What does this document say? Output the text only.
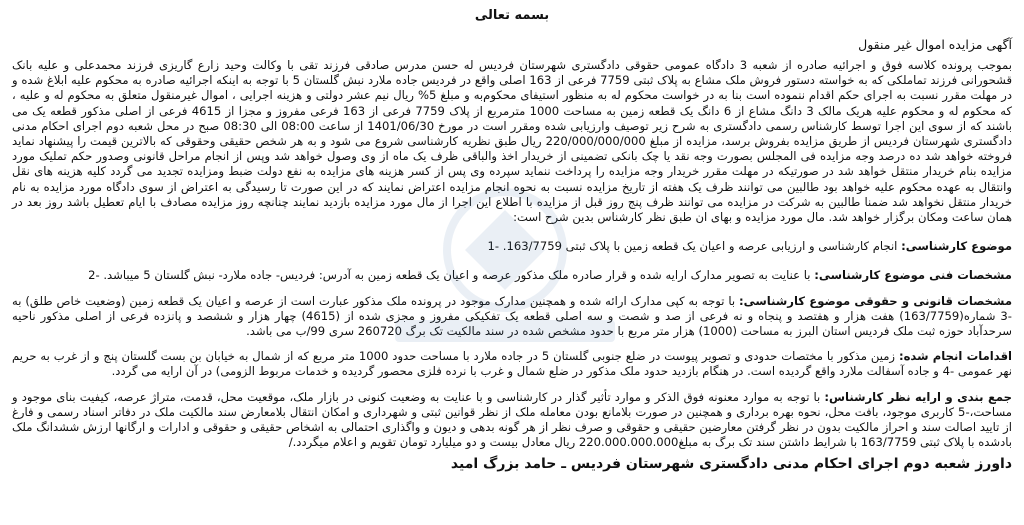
بسمه تعالی
آگهی مزایده اموال غیر منقول

بموجب پرونده کلاسه فوق و اجرائیه صادره از شعبه 3 دادگاه عمومی حقوقی دادگستری شهرستان فردیس له حسن مدرس صادقی فرزند تقی با وکالت وحید زارع گاریزی فرزند محمدعلی و علیه بانک قشحورانی فرزند تماملکی که به خواسته دستور فروش ملک مشاع به پلاک ثبتی 7759 فرعی از 163 اصلی واقع در فردیس جاده ملارد نبش گلستان 5 با توجه به اینکه اجرائیه صادره به محکوم علیه ابلاغ شده و در مهلت مقرر نسبت به اجرای حکم اقدام ننموده است بنا به در خواست محکوم له به منظور استیفای محکوم‌به و مبلغ 5% ریال نیم عشر دولتی و هزینه اجرایی ، اموال غیرمنقول متعلق به محکوم له و علیه ، که محکوم له و محکوم علیه هریک مالک 3 دانگ مشاع از 6 دانگ یک قطعه زمین به مساحت 1000 مترمربع از پلاک 7759 فرعی از 163 فرعی مفروز و مجزا از 4615 فرعی از اصلی مذکور قطعه یک می باشند که از سوی این اجرا توسط کارشناس رسمی دادگستری به شرح زیر توصیف وارزیابی شده ومقرر است در مورخ 1401/06/30 از ساعت 08:00 الی 08:30 صبح در محل شعبه دوم اجرای احکام مدنی دادگستری شهرستان فردیس از طریق مزایده بفروش برسد، مزایده از مبلغ 220/000/000/000 ریال طبق نظریه کارشناسی شروع می شود و به هر شخص حقیقی وحقوقی که بالاترین قیمت را پیشنهاد نماید فروخته خواهد شد ده درصد وجه مزایده فی المجلس بصورت وجه نقد یا چک بانکی تضمینی از خریدار اخذ والباقی ظرف یک ماه از وی وصول خواهد شد وپس از انجام مراحل قانونی وصدور حکم تملیک مورد مزایده بنام خریدار منتقل خواهد شد در صورتیکه در مهلت مقرر خریدار وجه مزایده را پرداخت ننماید سپرده وی پس از کسر هزینه های مزایده به نفع دولت ضبط ومزایده تجدید می گردد کلیه هزینه های نقل وانتقال به عهده محکوم علیه خواهد بود طالبین می توانند ظرف یک هفته از تاریخ مزایده نسبت به نحوه انجام مزایده اعتراض نمایند که در این صورت تا رسیدگی به اعتراض از سوی دادگاه مورد مزایده به نام خریدار منتقل نخواهد شد ضمنا طالبین به شرکت در مزایده می توانند ظرف پنج روز قبل از مزایده با اطلاع این اجرا از مال مورد مزایده بازدید نمایند چنانچه روز مزایده مصادف با ایام تعطیل باشد روز بعد در همان ساعت ومکان برگزار خواهد شد. مال مورد مزایده و بهای ان طبق نظر کارشناس بدین شرح است:

موضوع کارشناسی: انجام کارشناسی و ارزیابی عرصه و اعیان یک قطعه زمین با پلاک ثبتی 163/7759. -1

مشخصات فنی موضوع کارشناسی: با عنایت به تصویر مدارک ارایه شده و قرار صادره ملک مذکور عرصه و اعیان یک قطعه زمین به آدرس: فردیس- جاده ملارد- نبش گلستان 5 میباشد. -2

مشخصات قانونی و حقوقی موضوع کارشناسی: با توجه به کپی مدارک ارائه شده و همچنین مدارک موجود در پرونده ملک مذکور عبارت است از عرصه و اعیان یک قطعه زمین (وضعیت خاص طلق) به -3 شماره(163/7759) هفت هزار و هفتصد و پنجاه و نه فرعی از صد و شصت و سه اصلی قطعه یک تفکیکی مفروز و مجزی شده از (4615) چهار هزار و ششصد و پانزده فرعی از اصلی مذکور ناحیه سرحدآباد حوزه ثبت ملک فردیس استان البرز به مساحت (1000) هزار متر مربع با حدود مشخص شده در سند مالکیت تک برگ 260720 سری 99/ب می باشد.

اقدامات انجام شده: زمین مذکور با مختصات حدودی و تصویر پیوست در ضلع جنوبی گلستان 5 در جاده ملارد با مساحت حدود 1000 متر مربع که از شمال به خیابان بن بست گلستان پنج و از غرب به حریم نهر عمومی -4 و جاده آسفالت ملارد واقع گردیده است. در هنگام بازدید حدود ملک مذکور در ضلع شمال و غرب با نرده فلزی محصور گردیده و خدمات مربوط الزومی) در آن ارایه می گردد.

جمع بندی و ارایه نظر کارشناس: با توجه به موارد معنونه فوق الذکر و موارد تأثیر گذار در کارشناسی و با عنایت به وضعیت کنونی در بازار ملک، موقعیت محل، قدمت، متراژ عرصه، کیفیت بنای موجود و مساحت،-5 کاربری موجود، بافت محل، نحوه بهره برداری و همچنین در صورت بلامانع بودن معامله ملک از نظر قوانین ثبتی و شهرداری و امکان انتقال بلامعارض سند مالکیت ملک در دفاتر اسناد رسمی و فارغ از تایید اصالت سند و احراز مالکیت بدون در نظر گرفتن معارضین حقیقی و حقوقی و صرف نظر از هر گونه بدهی و دیون و واگذاری احتمالی به اشخاص حقیقی و حقوقی و ادارات و ارگانها ارزش ششدانگ ملک بادشده با پلاک ثبتی 163/7759 با شرایط داشتن سند تک برگ به مبلغ220.000.000.000 ریال معادل بیست و دو میلیارد تومان تقویم و اعلام میگردد./

داورز شعبه دوم اجرای احکام مدنی دادگستری شهرستان فردیس ـ حامد بزرگ امید
